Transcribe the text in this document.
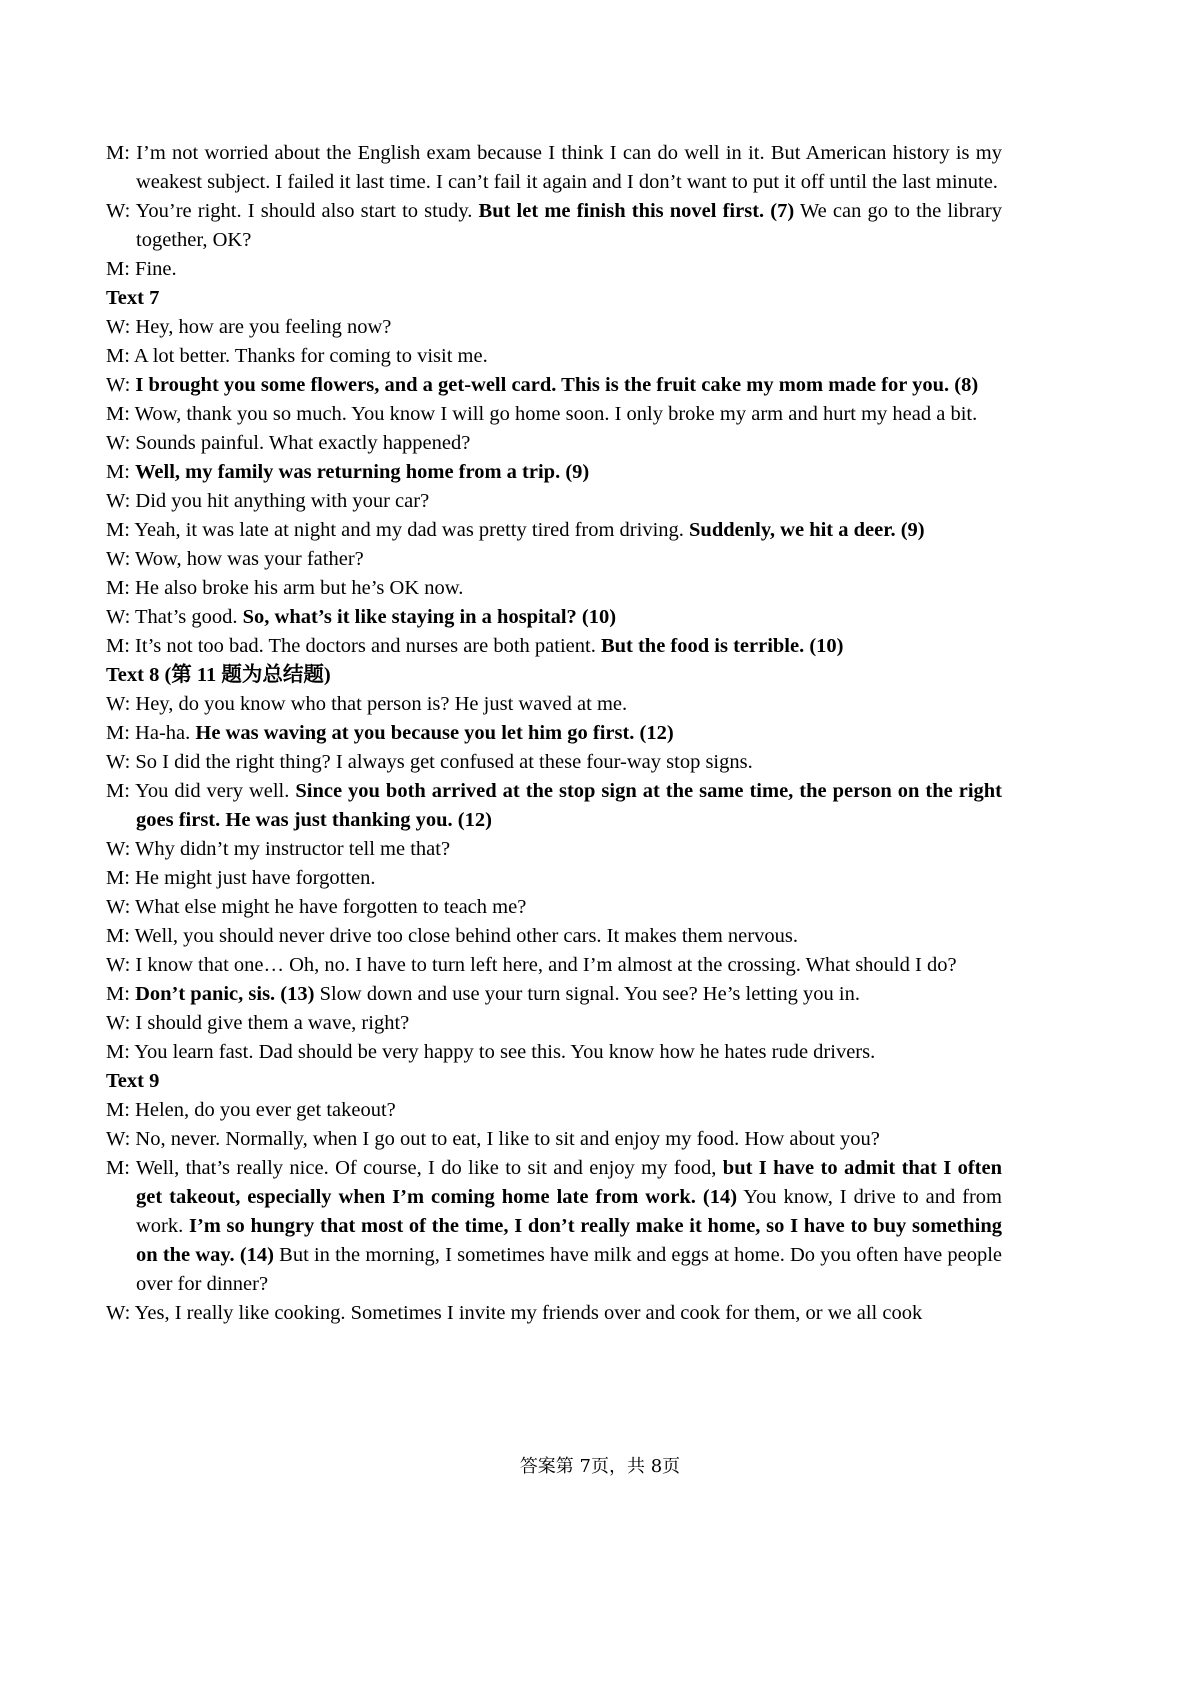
M: I’m not worried about the English exam because I think I can do well in it. But American history is my weakest subject. I failed it last time. I can’t fail it again and I don’t want to put it off until the last minute.

W: You’re right. I should also start to study. But let me finish this novel first. (7) We can go to the library together, OK?

M: Fine.

Text 7

W: Hey, how are you feeling now?

M: A lot better. Thanks for coming to visit me.

W: I brought you some flowers, and a get-well card. This is the fruit cake my mom made for you. (8)

M: Wow, thank you so much. You know I will go home soon. I only broke my arm and hurt my head a bit.

W: Sounds painful. What exactly happened?

M: Well, my family was returning home from a trip. (9)

W: Did you hit anything with your car?

M: Yeah, it was late at night and my dad was pretty tired from driving. Suddenly, we hit a deer. (9)

W: Wow, how was your father?

M: He also broke his arm but he’s OK now.

W: That’s good. So, what’s it like staying in a hospital? (10)

M: It’s not too bad. The doctors and nurses are both patient. But the food is terrible. (10)

Text 8 (第 11 题为总结题)

W: Hey, do you know who that person is? He just waved at me.

M: Ha-ha. He was waving at you because you let him go first. (12)

W: So I did the right thing? I always get confused at these four-way stop signs.

M: You did very well. Since you both arrived at the stop sign at the same time, the person on the right goes first. He was just thanking you. (12)

W: Why didn’t my instructor tell me that?

M: He might just have forgotten.

W: What else might he have forgotten to teach me?

M: Well, you should never drive too close behind other cars. It makes them nervous.

W: I know that one… Oh, no. I have to turn left here, and I’m almost at the crossing. What should I do?

M: Don’t panic, sis. (13) Slow down and use your turn signal. You see? He’s letting you in.

W: I should give them a wave, right?

M: You learn fast. Dad should be very happy to see this. You know how he hates rude drivers.

Text 9

M: Helen, do you ever get takeout?

W: No, never. Normally, when I go out to eat, I like to sit and enjoy my food. How about you?

M: Well, that’s really nice. Of course, I do like to sit and enjoy my food, but I have to admit that I often get takeout, especially when I’m coming home late from work. (14) You know, I drive to and from work. I’m so hungry that most of the time, I don’t really make it home, so I have to buy something on the way. (14) But in the morning, I sometimes have milk and eggs at home. Do you often have people over for dinner?

W: Yes, I really like cooking. Sometimes I invite my friends over and cook for them, or we all cook

答案第 7页，共 8页
